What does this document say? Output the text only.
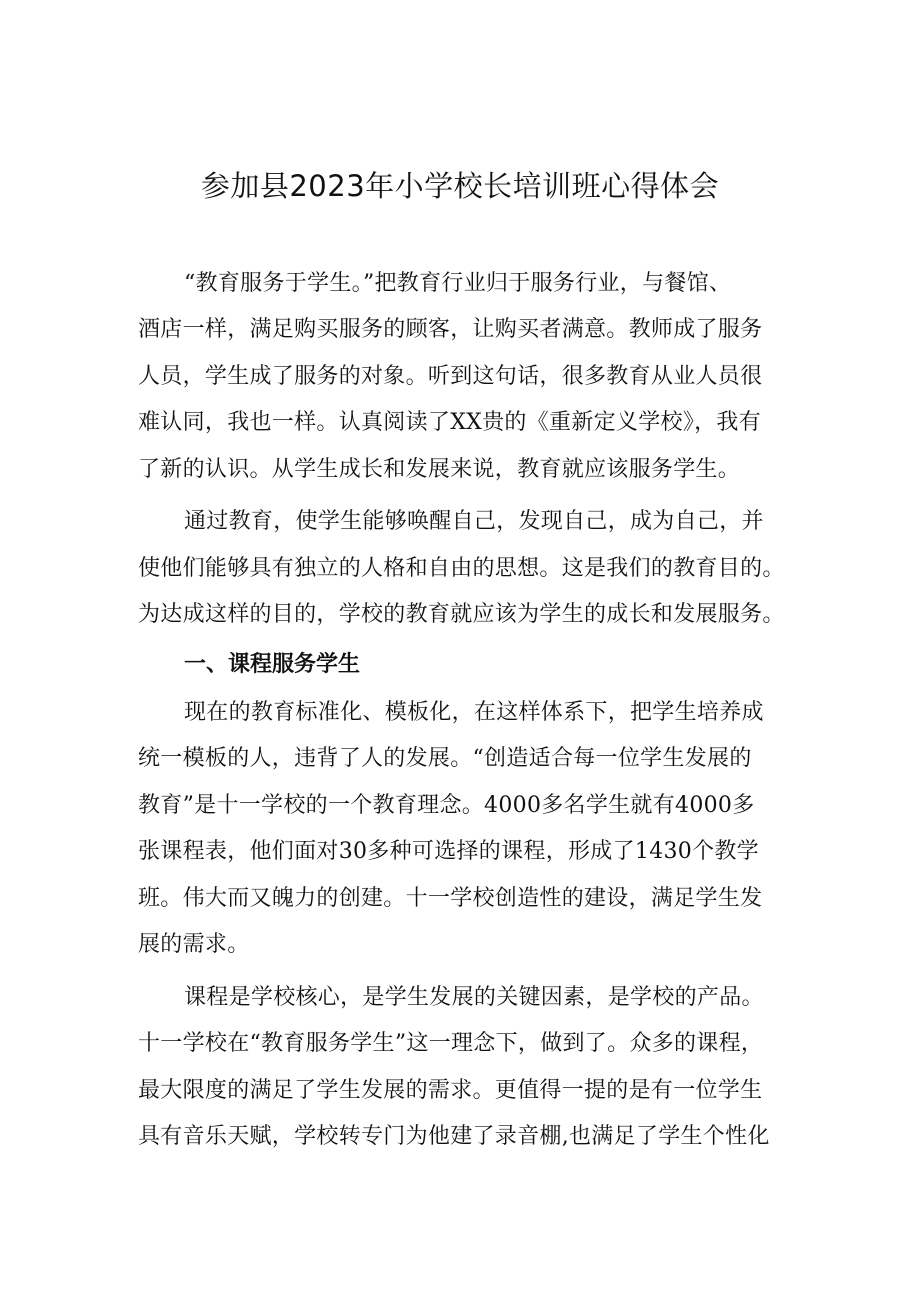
参加县2023年小学校长培训班心得体会
“教育服务于学生。”把教育行业归于服务行业，与餐馆、
酒店一样，满足购买服务的顾客，让购买者满意。教师成了服务
人员，学生成了服务的对象。听到这句话，很多教育从业人员很
难认同，我也一样。认真阅读了XX贵的《重新定义学校》，我有
了新的认识。从学生成长和发展来说，教育就应该服务学生。
通过教育，使学生能够唤醒自己，发现自己，成为自己，并
使他们能够具有独立的人格和自由的思想。这是我们的教育目的。
为达成这样的目的，学校的教育就应该为学生的成长和发展服务。
一、课程服务学生
现在的教育标准化、模板化，在这样体系下，把学生培养成
统一模板的人，违背了人的发展。“创造适合每一位学生发展的
教育”是十一学校的一个教育理念。4000多名学生就有4000多
张课程表，他们面对30多种可选择的课程，形成了1430个教学
班。伟大而又魄力的创建。十一学校创造性的建设，满足学生发
展的需求。
课程是学校核心，是学生发展的关键因素，是学校的产品。
十一学校在“教育服务学生”这一理念下，做到了。众多的课程，
最大限度的满足了学生发展的需求。更值得一提的是有一位学生
具有音乐天赋，学校转专门为他建了录音棚,也满足了学生个性化
